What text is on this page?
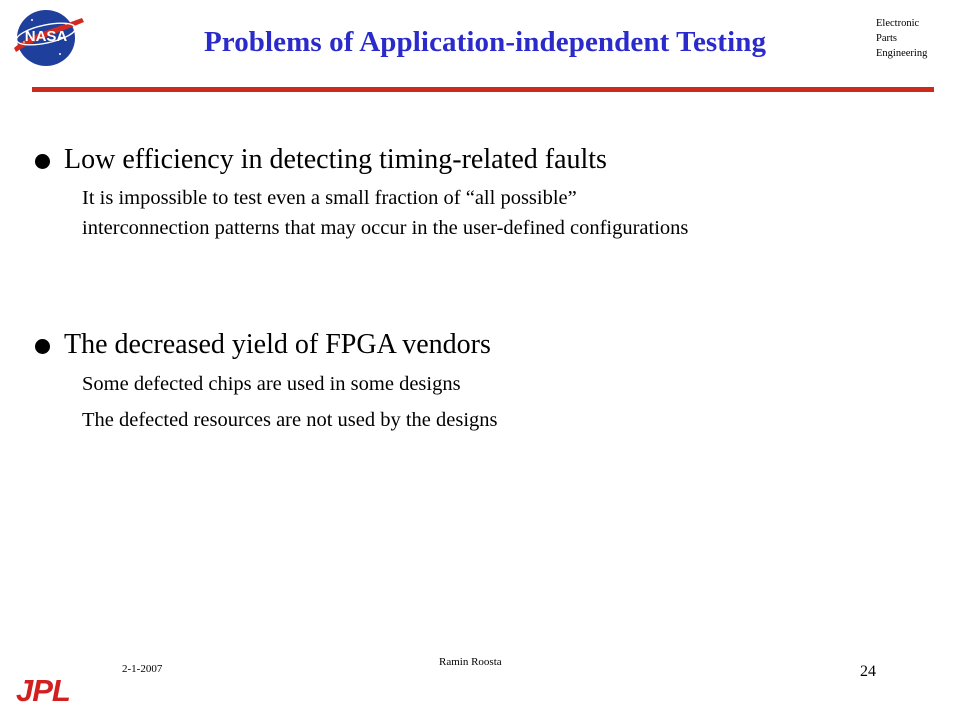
NASA	Problems of Application-independent Testing
Electronic
Parts
Engineering
Low efficiency in detecting timing-related faults
It is impossible to test even a small fraction of “all possible”
interconnection patterns that may occur in the user-defined configurations
The decreased yield of FPGA vendors
Some defected chips are used in some designs
The defected resources are not used by the designs
2-1-2007
Ramin Roosta
24
JPL
